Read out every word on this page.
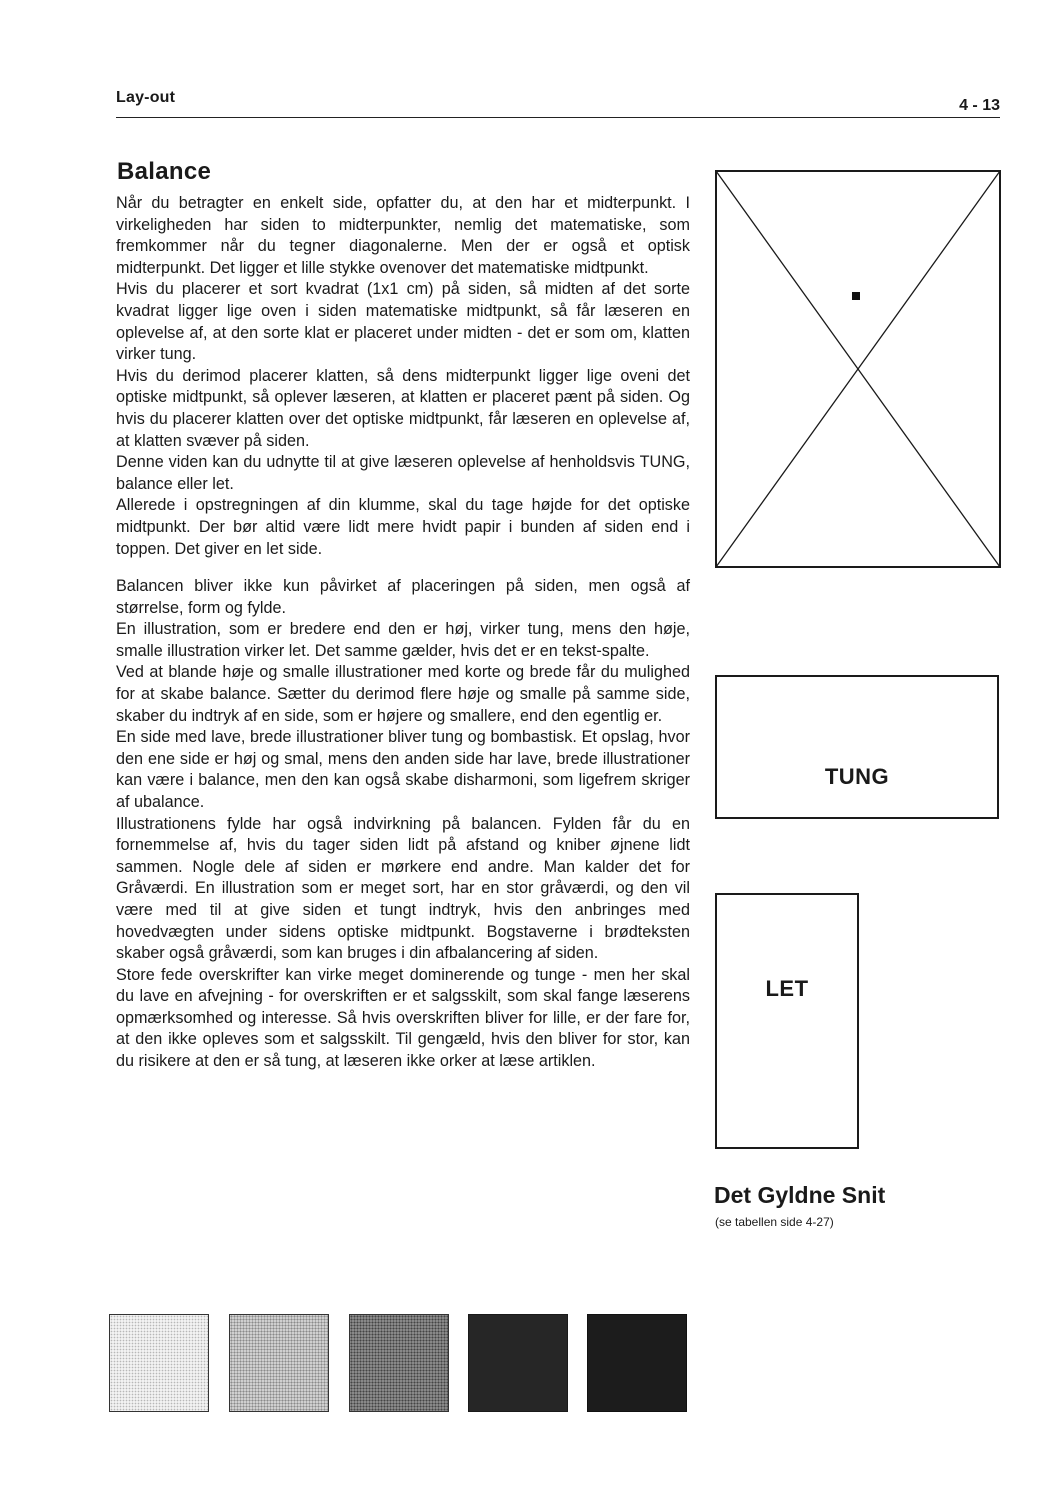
Lay-out	4 - 13
Balance

Når du betragter en enkelt side, opfatter du, at den har et midterpunkt. I virkeligheden har siden to midterpunkter, nemlig det matematiske, som fremkommer når du tegner diagonalerne. Men der er også et optisk midterpunkt. Det ligger et lille stykke ovenover det matematiske midtpunkt.

Hvis du placerer et sort kvadrat (1x1 cm) på siden, så midten af det sorte kvadrat ligger lige oven i siden matematiske midtpunkt, så får læseren en oplevelse af, at den sorte klat er placeret under midten - det er som om, klatten virker tung.

Hvis du derimod placerer klatten, så dens midterpunkt ligger lige oveni det optiske midtpunkt, så oplever læseren, at klatten er placeret pænt på siden. Og hvis du placerer klatten over det optiske midtpunkt, får læseren en oplevelse af, at klatten svæver på siden.

Denne viden kan du udnytte til at give læseren oplevelse af henholdsvis TUNG, balance eller let.

Allerede i opstregningen af din klumme, skal du tage højde for det optiske midtpunkt. Der bør altid være lidt mere hvidt papir i bunden af siden end i toppen. Det giver en let side.

Balancen bliver ikke kun påvirket af placeringen på siden, men også af størrelse, form og fylde.

En illustration, som er bredere end den er høj, virker tung, mens den høje, smalle illustration virker let. Det samme gælder, hvis det er en tekst-spalte.

Ved at blande høje og smalle illustrationer med korte og brede får du mulighed for at skabe balance. Sætter du derimod flere høje og smalle på samme side, skaber du indtryk af en side, som er højere og smallere, end den egentlig er.

En side med lave, brede illustrationer bliver tung og bombastisk. Et opslag, hvor den ene side er høj og smal, mens den anden side har lave, brede illustrationer kan være i balance, men den kan også skabe disharmoni, som ligefrem skriger af ubalance.

Illustrationens fylde har også indvirkning på balancen. Fylden får du en fornemmelse af, hvis du tager siden lidt på afstand og kniber øjnene lidt sammen. Nogle dele af siden er mørkere end andre. Man kalder det for Gråværdi. En illustration som er meget sort, har en stor gråværdi, og den vil være med til at give siden et tungt indtryk, hvis den anbringes med hovedvægten under sidens optiske midtpunkt. Bogstaverne i brødteksten skaber også gråværdi, som kan bruges i din afbalancering af siden.

Store fede overskrifter kan virke meget dominerende og tunge - men her skal du lave en afvejning - for overskriften er et salgsskilt, som skal fange læserens opmærksomhed og interesse. Så hvis overskriften bliver for lille, er der fare for, at den ikke opleves som et salgsskilt. Til gengæld, hvis den bliver for stor, kan du risikere at den er så tung, at læseren ikke orker at læse artiklen.

TUNG
LET
Det Gyldne Snit
(se tabellen side 4-27)
